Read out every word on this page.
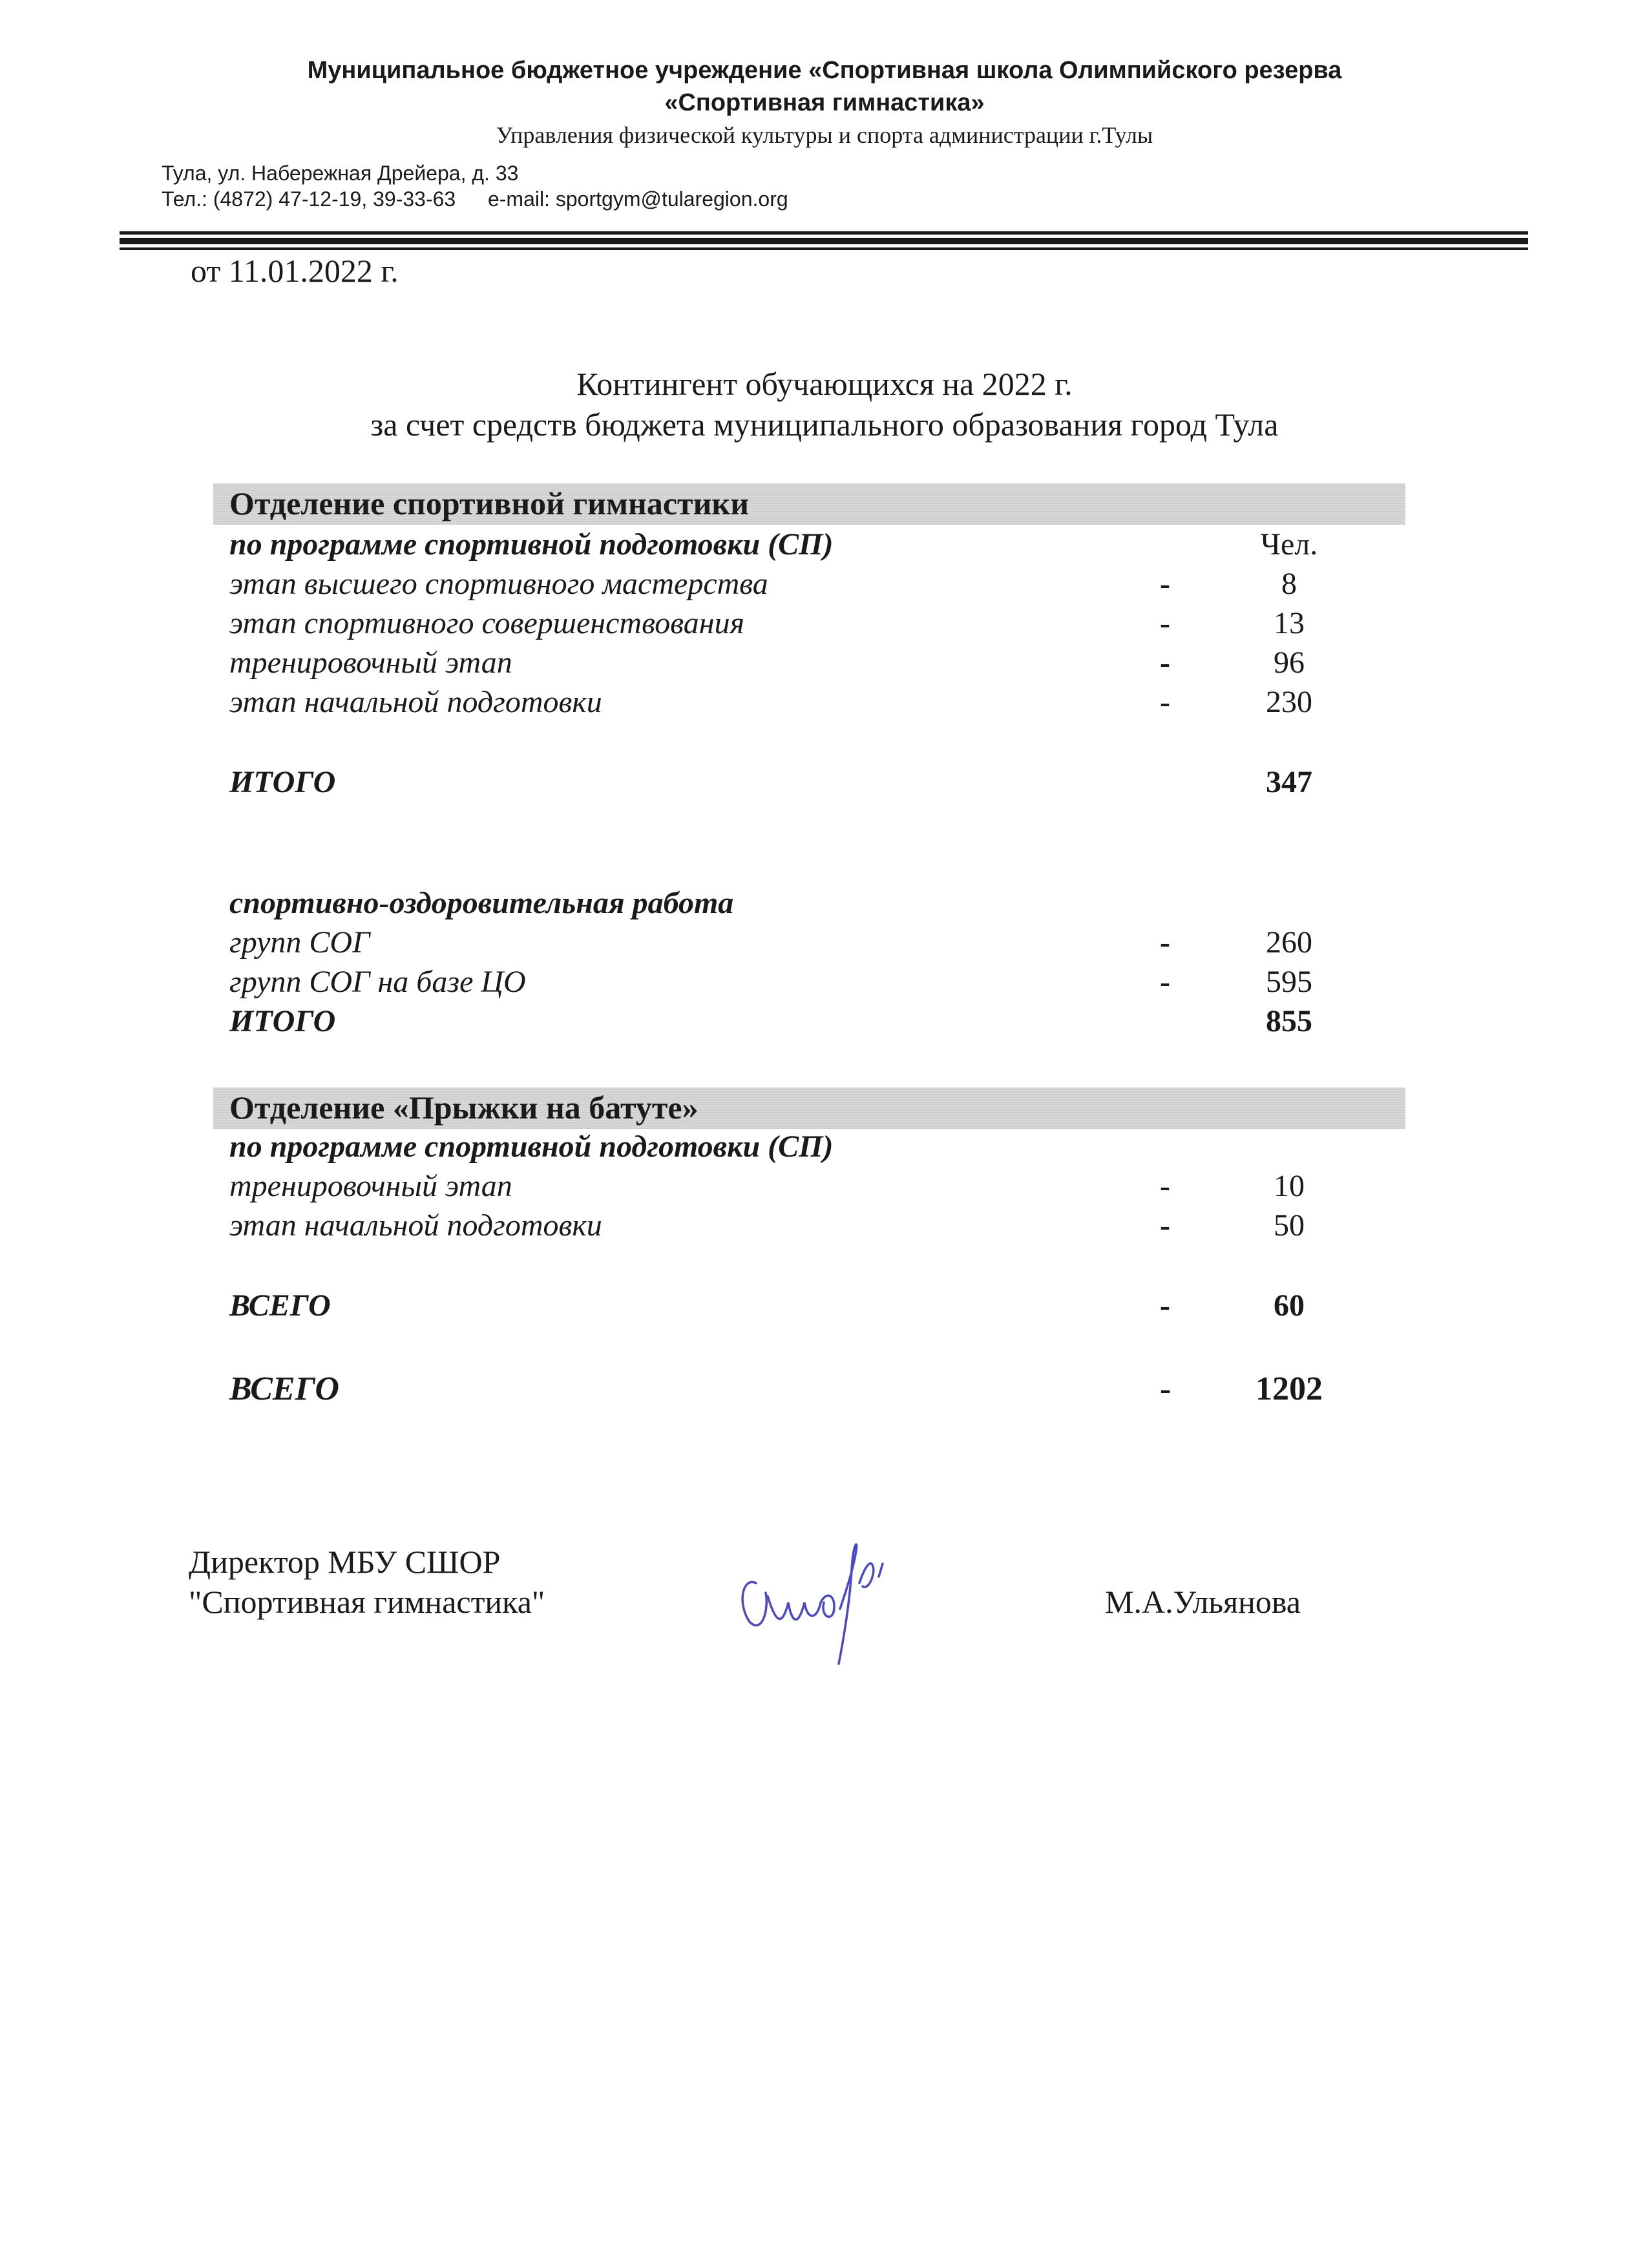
Муниципальное бюджетное учреждение «Спортивная школа Олимпийского резерва
«Спортивная гимнастика»
Управления физической культуры и спорта администрации г.Тулы
Тула, ул. Набережная Дрейера, д. 33
Тел.: (4872) 47-12-19, 39-33-63 e-mail: sportgym@tularegion.org
от 11.01.2022 г.
Контингент обучающихся на 2022 г.
за счет средств бюджета муниципального образования город Тула
Отделение спортивной гимнастики
по программе спортивной подготовки (СП)	Чел.
этап высшего спортивного мастерства	-	8
этап спортивного совершенствования	-	13
тренировочный этап	-	96
этап начальной подготовки	-	230
ИТОГО	347
спортивно-оздоровительная работа
групп СОГ	-	260
групп СОГ на базе ЦО	-	595
ИТОГО	855
Отделение «Прыжки на батуте»
по программе спортивной подготовки (СП)
тренировочный этап	-	10
этап начальной подготовки	-	50
ВСЕГО	-	60
ВСЕГО	-	1202
Директор МБУ СШОР
"Спортивная гимнастика"	М.А.Ульянова
